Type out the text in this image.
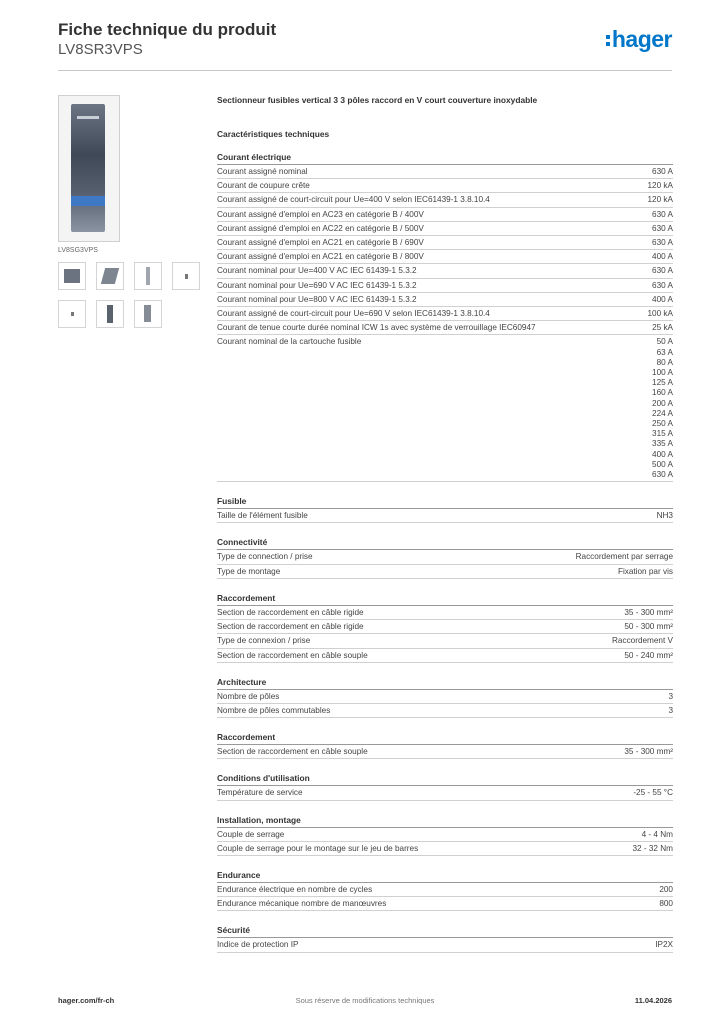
Fiche technique du produit
LV8SR3VPS	hager
LV8SG3VPS
Sectionneur fusibles vertical 3 3 pôles raccord en V court couverture inoxydable
Caractéristiques techniques
Courant électrique
Courant assigné nominal	630 A
Courant de coupure crête	120 kA
Courant assigné de court-circuit pour Ue=400 V selon IEC61439-1 3.8.10.4	120 kA
Courant assigné d'emploi en AC23 en catégorie B / 400V	630 A
Courant assigné d'emploi en AC22 en catégorie B / 500V	630 A
Courant assigné d'emploi en AC21 en catégorie B / 690V	630 A
Courant assigné d'emploi en AC21 en catégorie B / 800V	400 A
Courant nominal pour Ue=400 V AC IEC 61439-1 5.3.2	630 A
Courant nominal pour Ue=690 V AC IEC 61439-1 5.3.2	630 A
Courant nominal pour Ue=800 V AC IEC 61439-1 5.3.2	400 A
Courant assigné de court-circuit pour Ue=690 V selon IEC61439-1 3.8.10.4	100 kA
Courant de tenue courte durée nominal ICW 1s avec système de verrouillage IEC60947	25 kA
Courant nominal de la cartouche fusible	50 A
63 A
80 A
100 A
125 A
160 A
200 A
224 A
250 A
315 A
335 A
400 A
500 A
630 A
Fusible
Taille de l'élément fusible	NH3
Connectivité
Type de connection / prise	Raccordement par serrage
Type de montage	Fixation par vis
Raccordement
Section de raccordement en câble rigide	35 - 300 mm²
Section de raccordement en câble rigide	50 - 300 mm²
Type de connexion / prise	Raccordement V
Section de raccordement en câble souple	50 - 240 mm²
Architecture
Nombre de pôles	3
Nombre de pôles commutables	3
Raccordement
Section de raccordement en câble souple	35 - 300 mm²
Conditions d'utilisation
Température de service	-25 - 55 °C
Installation, montage
Couple de serrage	4 - 4 Nm
Couple de serrage pour le montage sur le jeu de barres	32 - 32 Nm
Endurance
Endurance électrique en nombre de cycles	200
Endurance mécanique nombre de manœuvres	800
Sécurité
Indice de protection IP	IP2X
hager.com/fr-ch	Sous réserve de modifications techniques	11.04.2026
